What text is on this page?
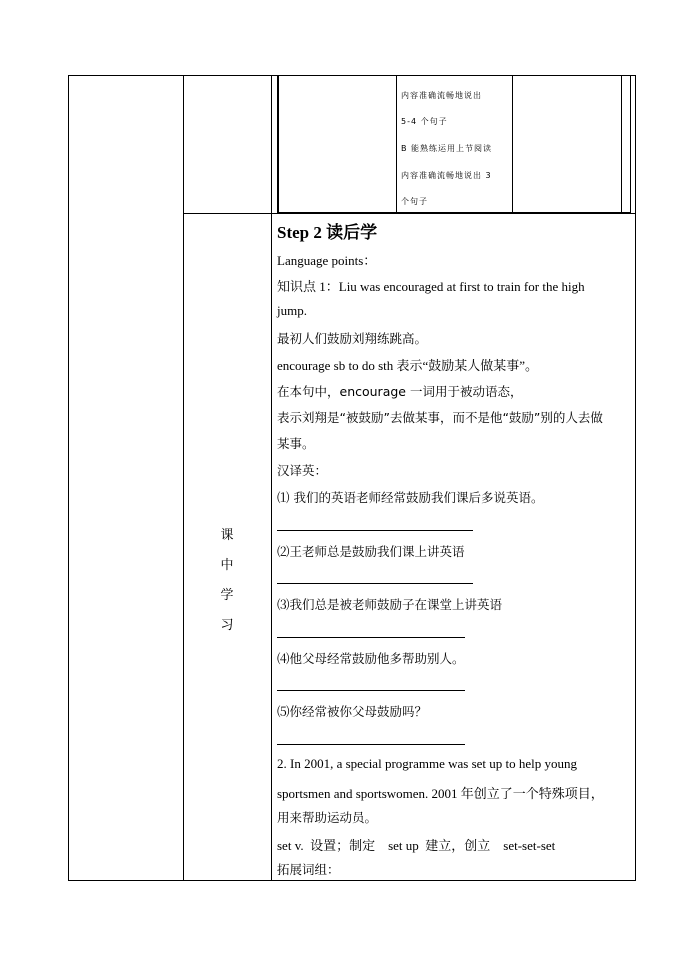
内容准确流畅地说出
5-4 个句子
B 能熟练运用上节阅读
内容准确流畅地说出 3
个句子
课
中
学
习
Step 2 读后学
Language points：
知识点 1：Liu was encouraged at first to train for the high
jump.
最初人们鼓励刘翔练跳高。
encourage sb to do sth 表示“鼓励某人做某事”。
在本句中，encourage 一词用于被动语态，
表示刘翔是“被鼓励”去做某事，而不是他“鼓励”别的人去做
某事。
汉译英：
⑴ 我们的英语老师经常鼓励我们课后多说英语。
⑵王老师总是鼓励我们课上讲英语
⑶我们总是被老师鼓励子在课堂上讲英语
⑷他父母经常鼓励他多帮助别人。
⑸你经常被你父母鼓励吗？
2. In 2001, a special programme was set up to help young
sportsmen and sportswomen. 2001 年创立了一个特殊项目，
用来帮助运动员。
set v.  设置；制定    set up  建立，创立    set-set-set
拓展词组：
